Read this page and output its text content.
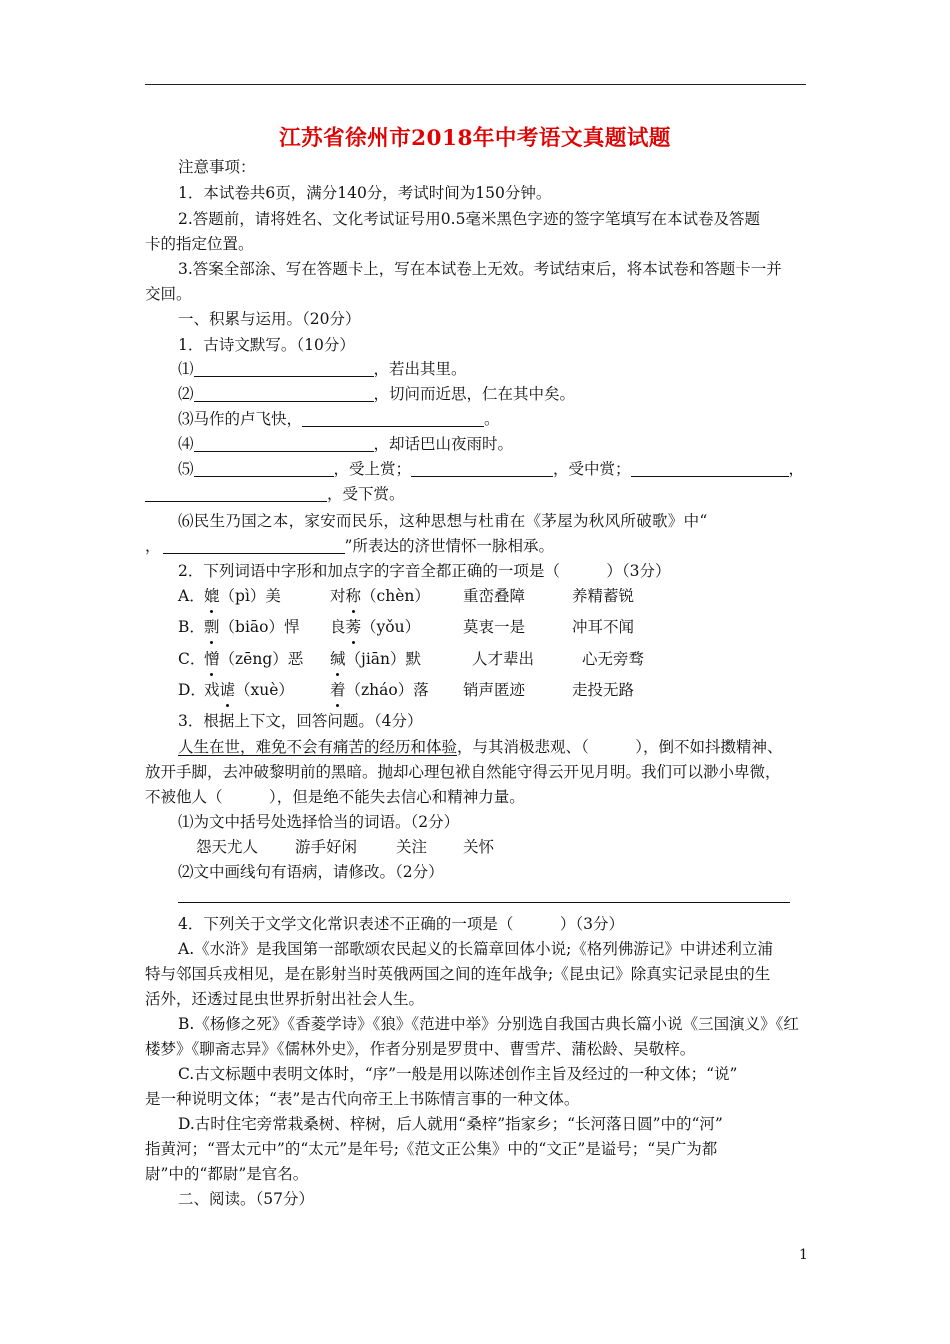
江苏省徐州市2018年中考语文真题试题
注意事项：
1．本试卷共6页，满分140分，考试时间为150分钟。
2.答题前，请将姓名、文化考试证号用0.5毫米黑色字迹的签字笔填写在本试卷及答题
卡的指定位置。
3.答案全部涂、写在答题卡上，写在本试卷上无效。考试结束后，将本试卷和答题卡一并
交回。
一、积累与运用。（20分）
1．古诗文默写。（10分）
⑴	，若出其里。
⑵	，切问而近思，仁在其中矣。
⑶马作的卢飞快，	。
⑷	，却话巴山夜雨时。
⑸	，受上赏；	，受中赏；	，
，受下赏。
⑹民生乃国之本，家安而民乐，这种思想与杜甫在《茅屋为秋风所破歌》中“
，	”所表达的济世情怀一脉相承。
2．下列词语中字形和加点字的字音全都正确的一项是（　　　）（3分）
A． 媲（pì）美	对称（chèn） 重峦叠障	养精蓄锐
B． 剽（biāo）悍 良莠（yǒu）	莫衷一是	冲耳不闻
C．
憎（zēng）恶 缄（jiān）默	人才辈出	心无旁骛
D．
戏谑（xuè） 着（zháo）落 销声匿迹	走投无路
3．根据上下文，回答问题。（4分）
人生在世，难免不会有痛苦的经历和体验，与其消极悲观、（　　　），倒不如抖擞精神、
放开手脚，去冲破黎明前的黑暗。抛却心理包袱自然能守得云开见月明。我们可以渺小卑微，
不被他人（　　　），但是绝不能失去信心和精神力量。
⑴为文中括号处选择恰当的词语。（2分）
怨天尤人 游手好闲	关注 关怀
⑵文中画线句有语病，请修改。（2分）
4．下列关于文学文化常识表述不正确的一项是（　　　）（3分）
A.《水浒》是我国第一部歌颂农民起义的长篇章回体小说;《格列佛游记》中讲述利立浦
特与邻国兵戎相见，是在影射当时英俄两国之间的连年战争;《昆虫记》除真实记录昆虫的生
活外，还透过昆虫世界折射出社会人生。
B.《杨修之死》《香菱学诗》《狼》《范进中举》分别选自我国古典长篇小说《三国演义》《红
楼梦》《聊斋志异》《儒林外史》，作者分别是罗贯中、曹雪芹、蒲松龄、吴敬梓。
C.古文标题中表明文体时，“序”一般是用以陈述创作主旨及经过的一种文体；“说”
是一种说明文体；“表”是古代向帝王上书陈情言事的一种文体。
D.古时住宅旁常栽桑树、梓树，后人就用“桑梓”指家乡；“长河落日圆”中的“河”
指黄河；“晋太元中”的“太元”是年号;《范文正公集》中的“文正”是谥号；“吴广为都
尉”中的“都尉”是官名。
二、阅读。（57分）
1
